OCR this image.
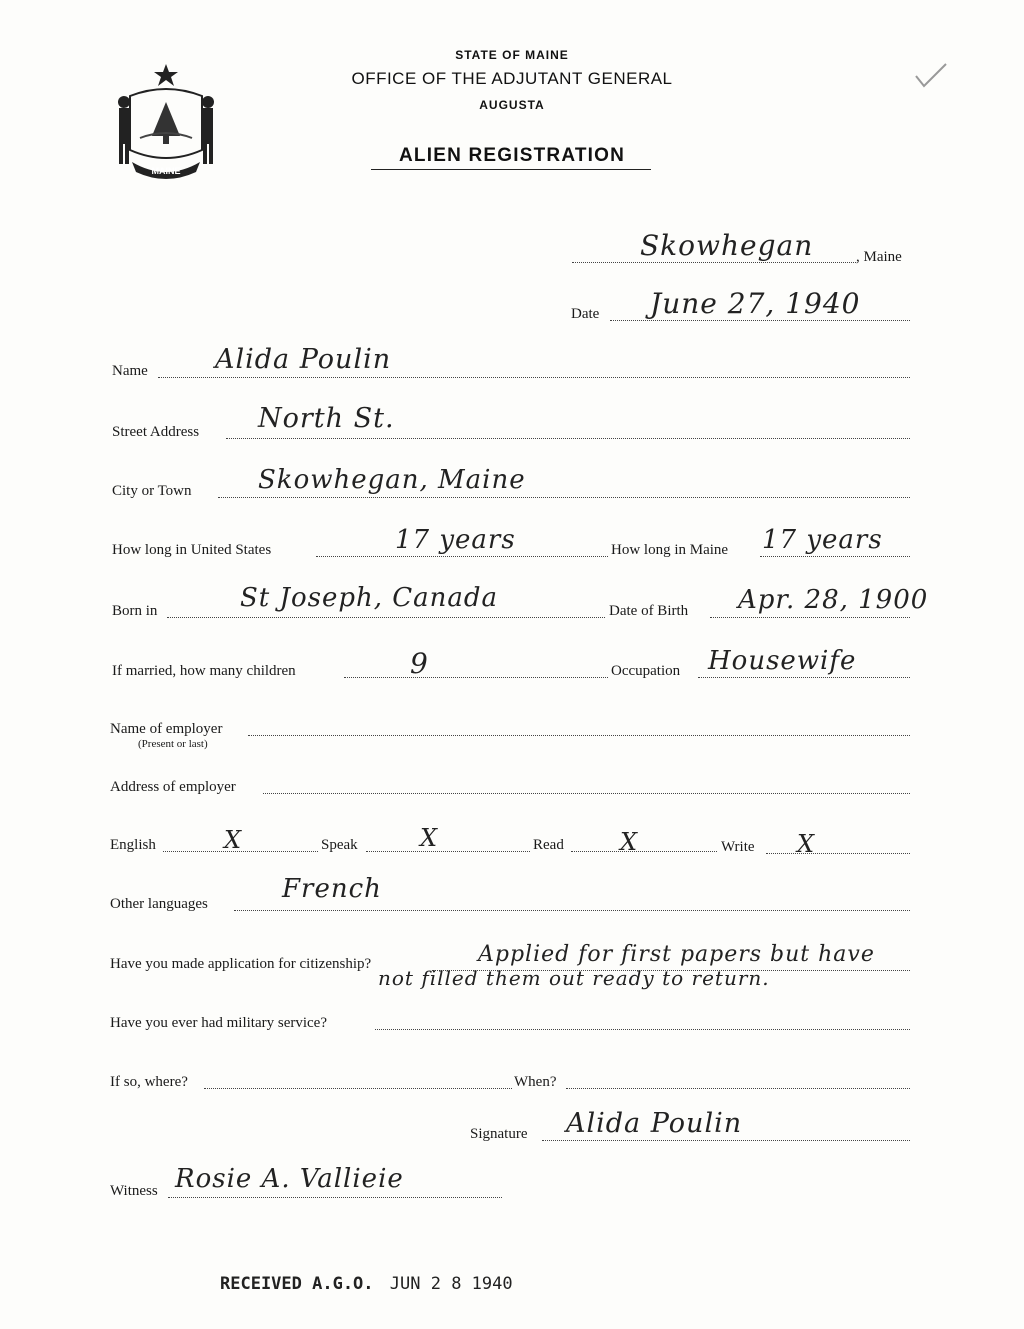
MAINE
STATE OF MAINE
OFFICE OF THE ADJUTANT GENERAL
AUGUSTA
ALIEN REGISTRATION
Skowhegan	, Maine
Date June 27, 1940
Name Alida Poulin
Street Address North St.
City or Town	Skowhegan, Maine
How long in United States	17 years	How long in Maine 17 years
Born in	St Joseph, Canada	Date of Birth Apr. 28, 1900
If married, how many children	9	Occupation Housewife
Name of employer
(Present or last)
Address of employer
English	X	Speak	X	Read X	Write X
Other languages	French
Have you made application for citizenship?	Applied for first papers but have
not filled them out ready to return.
Have you ever had military service?
If so, where?	When?
Signature Alida Poulin
Witness Rosie A. Vallieie
RECEIVED A.G.O. JUN 2 8 1940
